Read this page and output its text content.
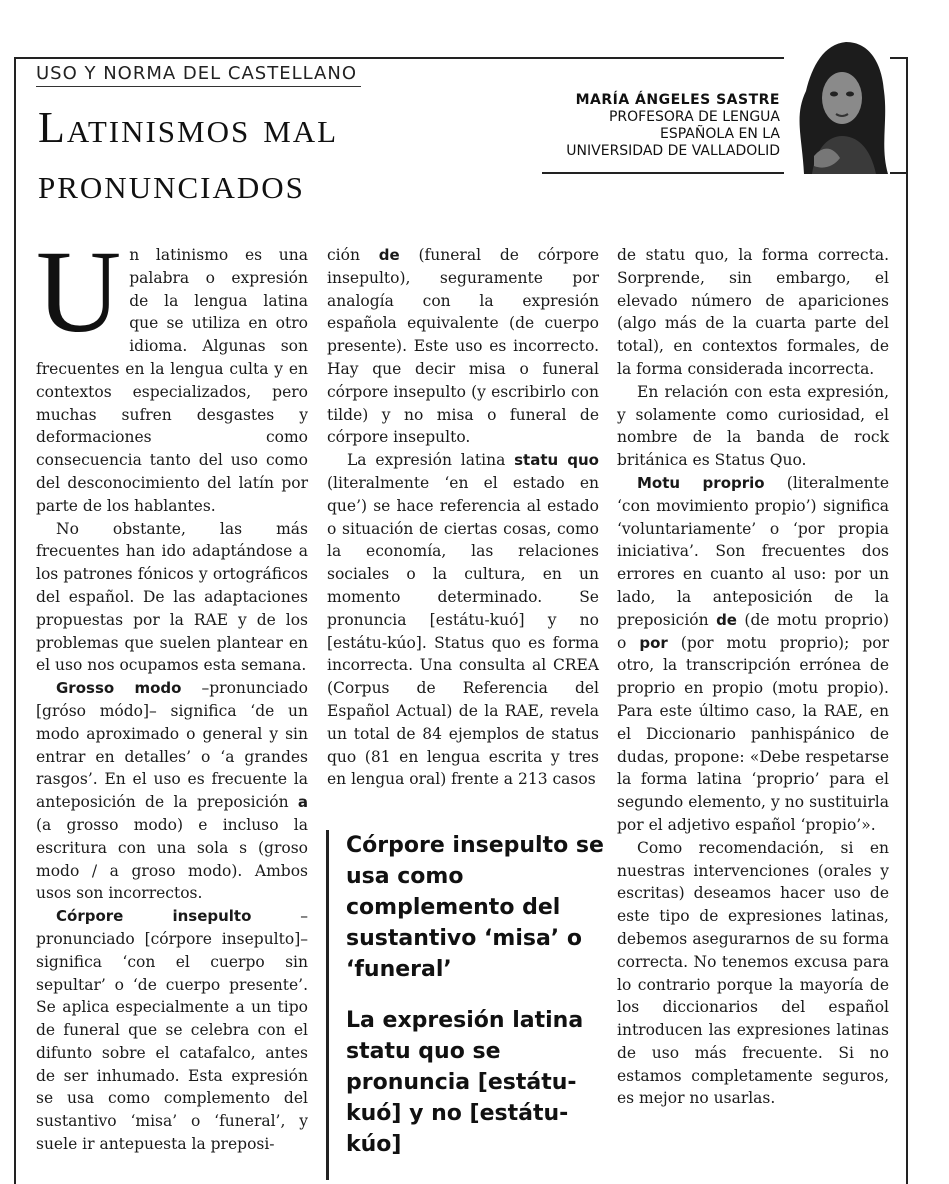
USO Y NORMA DEL CASTELLANO
Latinismos mal
pronunciados
MARÍA ÁNGELES SASTRE
PROFESORA DE LENGUA
ESPAÑOLA EN LA
UNIVERSIDAD DE VALLADOLID

Un latinismo es una palabra o expresión de la lengua latina que se utiliza en otro idioma. Algunas son frecuentes en la lengua culta y en contextos especializados, pero muchas sufren desgastes y deformaciones como consecuencia tanto del uso como del desconocimiento del latín por parte de los hablantes.

No obstante, las más frecuentes han ido adaptándose a los patrones fónicos y ortográficos del español. De las adaptaciones propuestas por la RAE y de los problemas que suelen plantear en el uso nos ocupamos esta semana.

Grosso modo –pronunciado [grόso módo]– significa ‘de un modo aproximado o general y sin entrar en detalles’ o ‘a grandes rasgos’. En el uso es frecuente la anteposición de la preposición a (a grosso modo) e incluso la escritura con una sola s (groso modo / a groso modo). Ambos usos son incorrectos.

Córpore insepulto –pronunciado [córpore insepulto]– significa ‘con el cuerpo sin sepultar’ o ‘de cuerpo presente’. Se aplica especialmente a un tipo de funeral que se celebra con el difunto sobre el catafalco, antes de ser inhumado. Esta expresión se usa como complemento del sustantivo ‘misa’ o ‘funeral’, y suele ir antepuesta la preposi-

ción de (funeral de córpore insepulto), seguramente por analogía con la expresión española equivalente (de cuerpo presente). Este uso es incorrecto. Hay que decir misa o funeral córpore insepulto (y escribirlo con tilde) y no misa o funeral de córpore insepulto.

La expresión latina statu quo (literalmente ‘en el estado en que’) se hace referencia al estado o situación de ciertas cosas, como la economía, las relaciones sociales o la cultura, en un momento determinado. Se pronuncia [estátu-kuó] y no [estátu-kúo]. Status quo es forma incorrecta. Una consulta al CREA (Corpus de Referencia del Español Actual) de la RAE, revela un total de 84 ejemplos de status quo (81 en lengua escrita y tres en lengua oral) frente a 213 casos

Córpore insepulto se usa como complemento del sustantivo ‘misa’ o ‘funeral’

La expresión latina statu quo se pronuncia [estátu-kuó] y no [estátu-kúo]

de statu quo, la forma correcta. Sorprende, sin embargo, el elevado número de apariciones (algo más de la cuarta parte del total), en contextos formales, de la forma considerada incorrecta.

En relación con esta expresión, y solamente como curiosidad, el nombre de la banda de rock británica es Status Quo.

Motu proprio (literalmente ‘con movimiento propio’) significa ‘voluntariamente’ o ‘por propia iniciativa’. Son frecuentes dos errores en cuanto al uso: por un lado, la anteposición de la preposición de (de motu proprio) o por (por motu proprio); por otro, la transcripción errónea de proprio en propio (motu propio). Para este último caso, la RAE, en el Diccionario panhispánico de dudas, propone: «Debe respetarse la forma latina ‘proprio’ para el segundo elemento, y no sustituirla por el adjetivo español ‘propio’».

Como recomendación, si en nuestras intervenciones (orales y escritas) deseamos hacer uso de este tipo de expresiones latinas, debemos asegurarnos de su forma correcta. No tenemos excusa para lo contrario porque la mayoría de los diccionarios del español introducen las expresiones latinas de uso más frecuente. Si no estamos completamente seguros, es mejor no usarlas.
